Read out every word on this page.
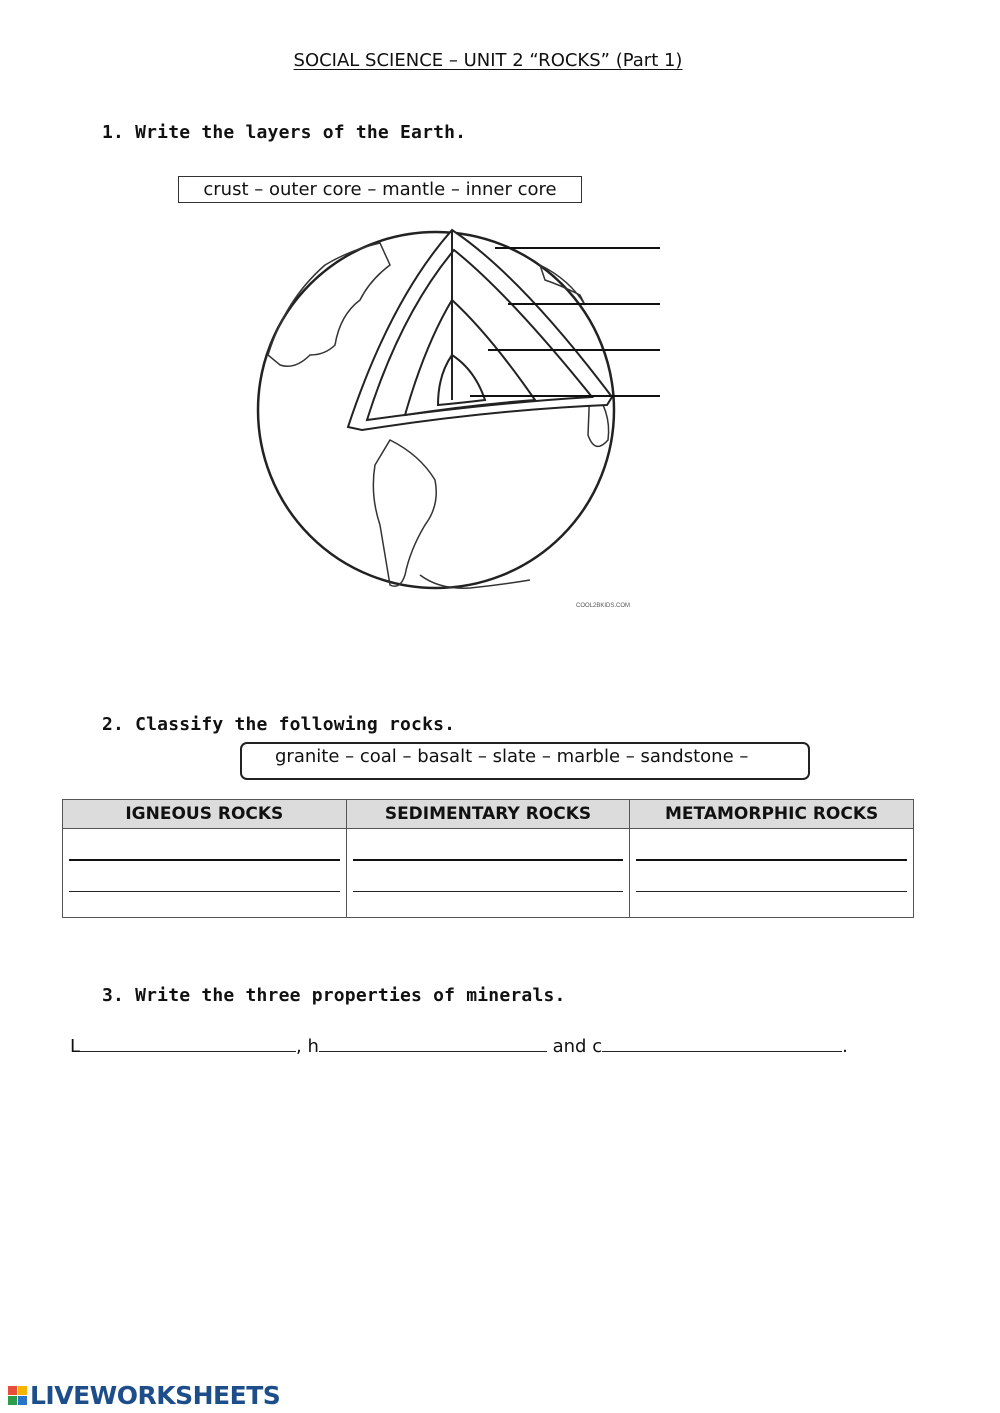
SOCIAL SCIENCE – UNIT 2 “ROCKS” (Part 1)
1. Write the layers of the Earth.
crust – outer core – mantle – inner core
COOL2BKIDS.COM
2. Classify the following rocks.
granite – coal – basalt – slate – marble – sandstone –
IGNEOUS ROCKS	SEDIMENTARY ROCKS	METAMORPHIC ROCKS

3. Write the three properties of minerals.
L	, h	and c	.
LIVEWORKSHEETS
